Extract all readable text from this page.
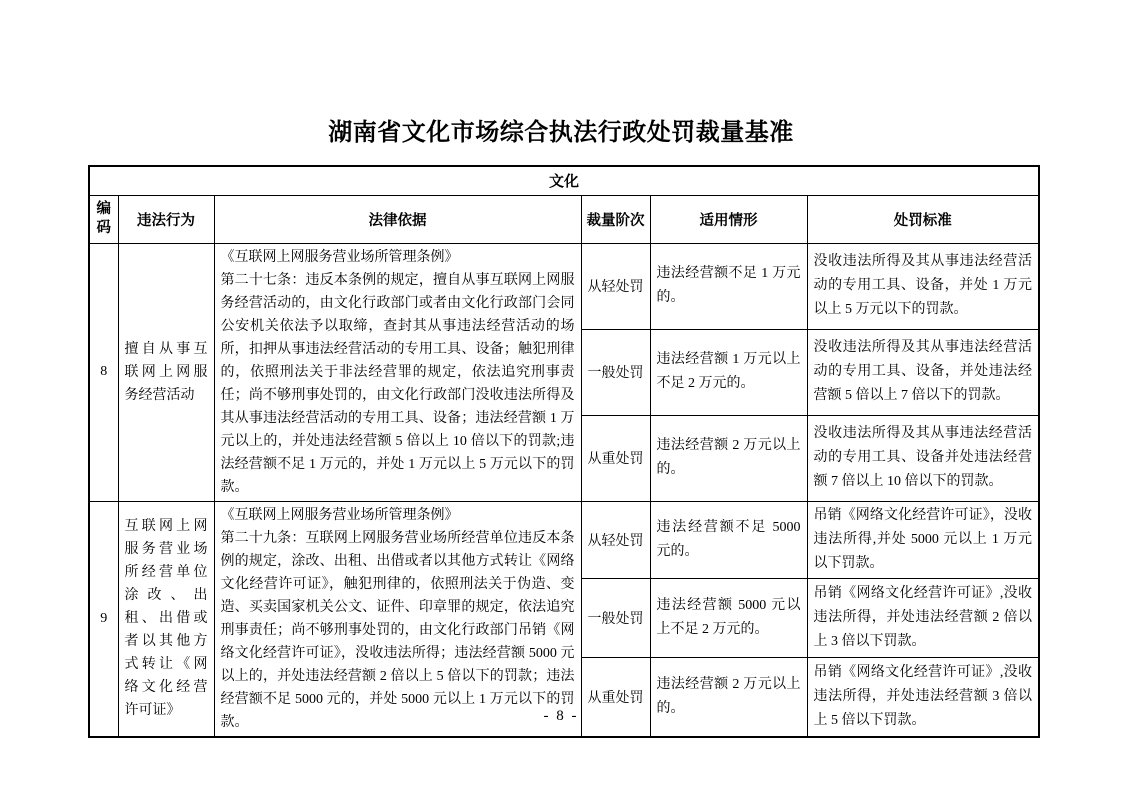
湖南省文化市场综合执法行政处罚裁量基准
文化					
编码	违法行为	法律依据	裁量阶次	适用情形	处罚标准
8	擅自从事互联网上网服务经营活动	《互联网上网服务营业场所管理条例》
第二十七条：违反本条例的规定，擅自从事互联网上网服务经营活动的，由文化行政部门或者由文化行政部门会同公安机关依法予以取缔，查封其从事违法经营活动的场所，扣押从事违法经营活动的专用工具、设备；触犯刑律的，依照刑法关于非法经营罪的规定，依法追究刑事责任；尚不够刑事处罚的，由文化行政部门没收违法所得及其从事违法经营活动的专用工具、设备；违法经营额 1 万元以上的，并处违法经营额 5 倍以上 10 倍以下的罚款;违法经营额不足 1 万元的，并处 1 万元以上 5 万元以下的罚款。	从轻处罚	违法经营额不足 1 万元的。	没收违法所得及其从事违法经营活动的专用工具、设备，并处 1 万元以上 5 万元以下的罚款。
			一般处罚	违法经营额 1 万元以上不足 2 万元的。	没收违法所得及其从事违法经营活动的专用工具、设备，并处违法经营额 5 倍以上 7 倍以下的罚款。
			从重处罚	违法经营额 2 万元以上的。	没收违法所得及其从事违法经营活动的专用工具、设备并处违法经营额 7 倍以上 10 倍以下的罚款。
9	互联网上网服务营业场所经营单位涂改、出租、出借或者以其他方式转让《网络文化经营许可证》	《互联网上网服务营业场所管理条例》
第二十九条：互联网上网服务营业场所经营单位违反本条例的规定，涂改、出租、出借或者以其他方式转让《网络文化经营许可证》，触犯刑律的，依照刑法关于伪造、变造、买卖国家机关公文、证件、印章罪的规定，依法追究刑事责任；尚不够刑事处罚的，由文化行政部门吊销《网络文化经营许可证》，没收违法所得；违法经营额 5000 元以上的，并处违法经营额 2 倍以上 5 倍以下的罚款；违法经营额不足 5000 元的，并处 5000 元以上 1 万元以下的罚款。	从轻处罚	违法经营额不足 5000 元的。	吊销《网络文化经营许可证》，没收违法所得,并处 5000 元以上 1 万元以下罚款。
			一般处罚	违法经营额 5000 元以上不足 2 万元的。	吊销《网络文化经营许可证》,没收违法所得，并处违法经营额 2 倍以上 3 倍以下罚款。
			从重处罚	违法经营额 2 万元以上的。	吊销《网络文化经营许可证》,没收违法所得，并处违法经营额 3 倍以上 5 倍以下罚款。
- 8 -
